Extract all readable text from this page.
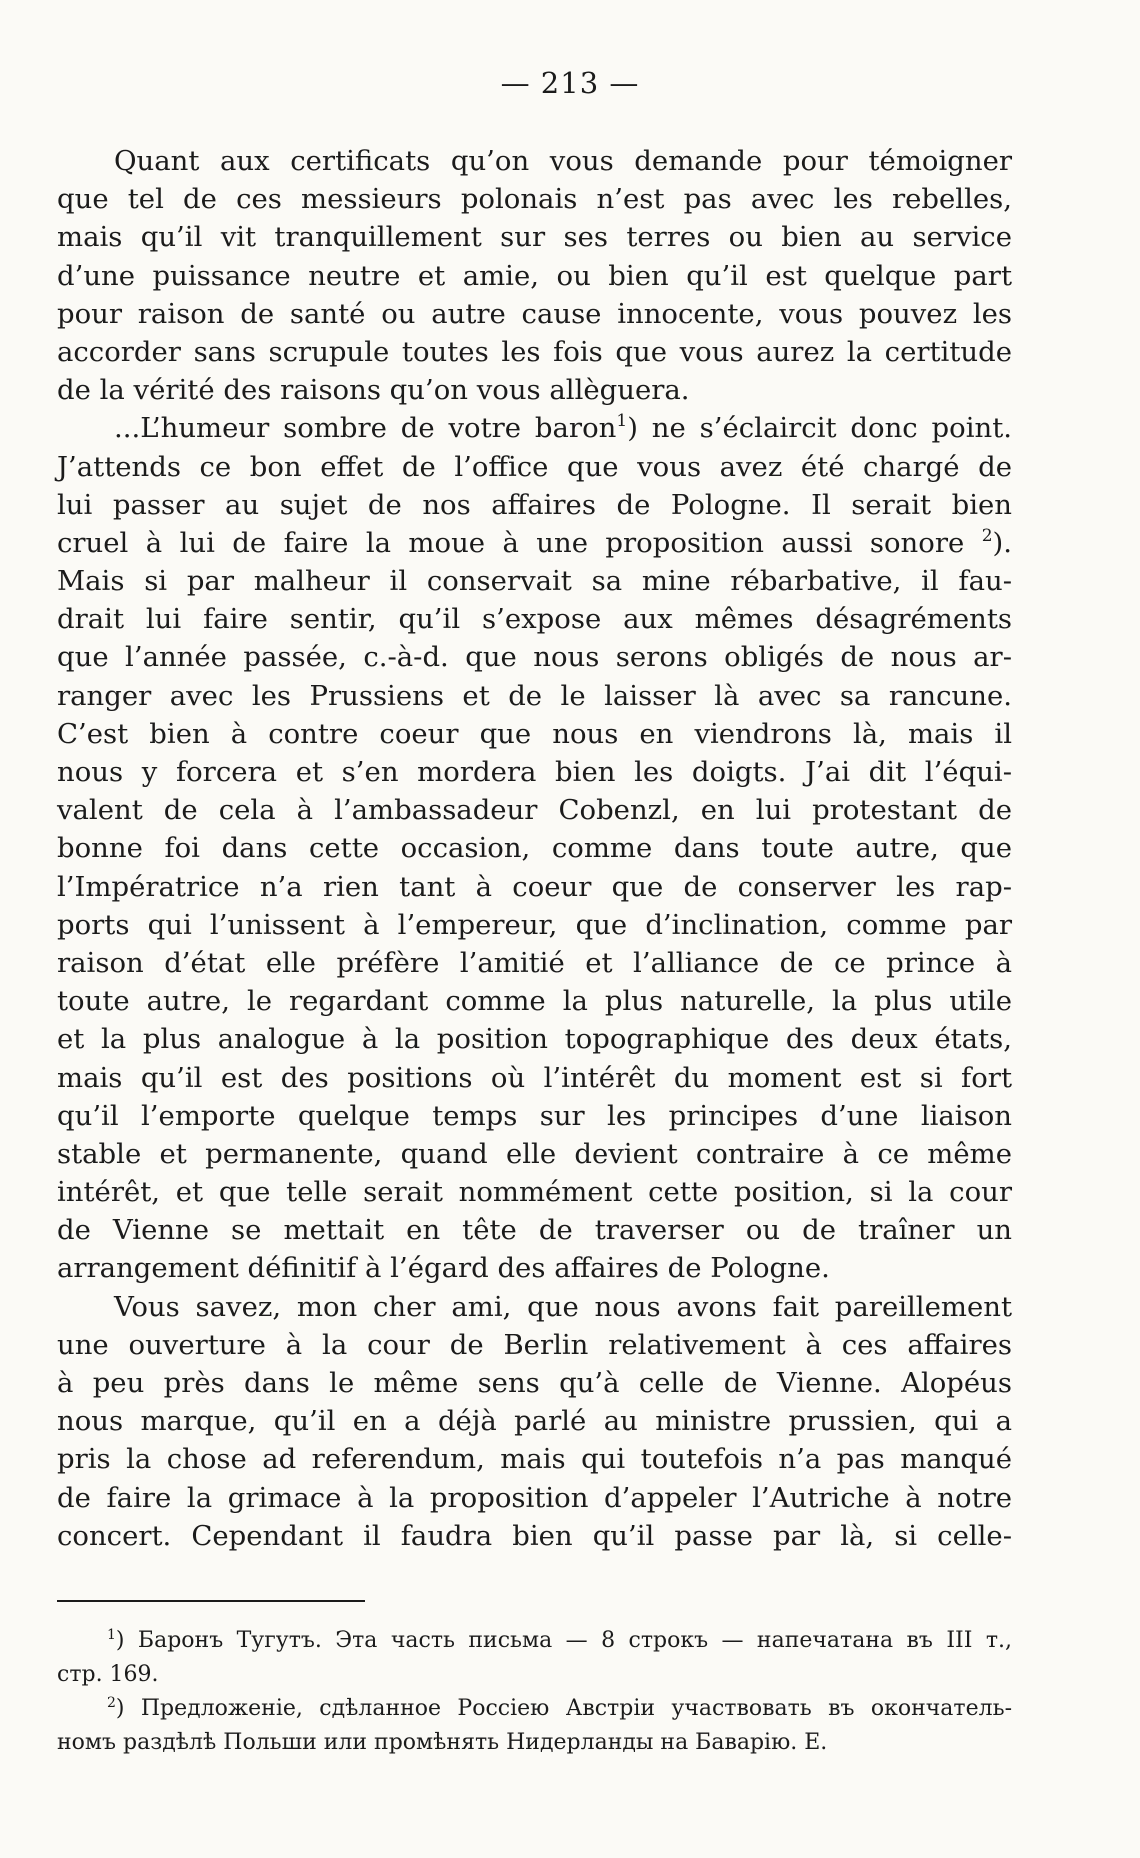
— 213 —
Quant aux certificats qu’on vous demande pour témoigner
que tel de ces messieurs polonais n’est pas avec les rebelles,
mais qu’il vit tranquillement sur ses terres ou bien au service
d’une puissance neutre et amie, ou bien qu’il est quelque part
pour raison de santé ou autre cause innocente, vous pouvez les
accorder sans scrupule toutes les fois que vous aurez la certitude
de la vérité des raisons qu’on vous allèguera.
...L’humeur sombre de votre baron$^1$) ne s’éclaircit donc point.
J’attends ce bon effet de l’office que vous avez été chargé de
lui passer au sujet de nos affaires de Pologne. Il serait bien
cruel à lui de faire la moue à une proposition aussi sonore $^2$).
Mais si par malheur il conservait sa mine rébarbative, il fau-
drait lui faire sentir, qu’il s’expose aux mêmes désagréments
que l’année passée, c.-à-d. que nous serons obligés de nous ar-
ranger avec les Prussiens et de le laisser là avec sa rancune.
C’est bien à contre coeur que nous en viendrons là, mais il
nous y forcera et s’en mordera bien les doigts. J’ai dit l’équi-
valent de cela à l’ambassadeur Cobenzl, en lui protestant de
bonne foi dans cette occasion, comme dans toute autre, que
l’Impératrice n’a rien tant à coeur que de conserver les rap-
ports qui l’unissent à l’empereur, que d’inclination, comme par
raison d’état elle préfère l’amitié et l’alliance de ce prince à
toute autre, le regardant comme la plus naturelle, la plus utile
et la plus analogue à la position topographique des deux états,
mais qu’il est des positions où l’intérêt du moment est si fort
qu’il l’emporte quelque temps sur les principes d’une liaison
stable et permanente, quand elle devient contraire à ce même
intérêt, et que telle serait nommément cette position, si la cour
de Vienne se mettait en tête de traverser ou de traîner un
arrangement définitif à l’égard des affaires de Pologne.
Vous savez, mon cher ami, que nous avons fait pareillement
une ouverture à la cour de Berlin relativement à ces affaires
à peu près dans le même sens qu’à celle de Vienne. Alopéus
nous marque, qu’il en a déjà parlé au ministre prussien, qui a
pris la chose ad referendum, mais qui toutefois n’a pas manqué
de faire la grimace à la proposition d’appeler l’Autriche à notre
concert. Cependant il faudra bien qu’il passe par là, si celle-
$^1$) Баронъ Тугутъ. Эта часть письма — 8 строкъ — напечатана въ III т.,
стр. 169.
$^2$) Предложеніе, сдѣланное Россіею Австріи участвовать въ окончатель-
номъ раздѣлѣ Польши или промѣнять Нидерланды на Баварію. Е.
